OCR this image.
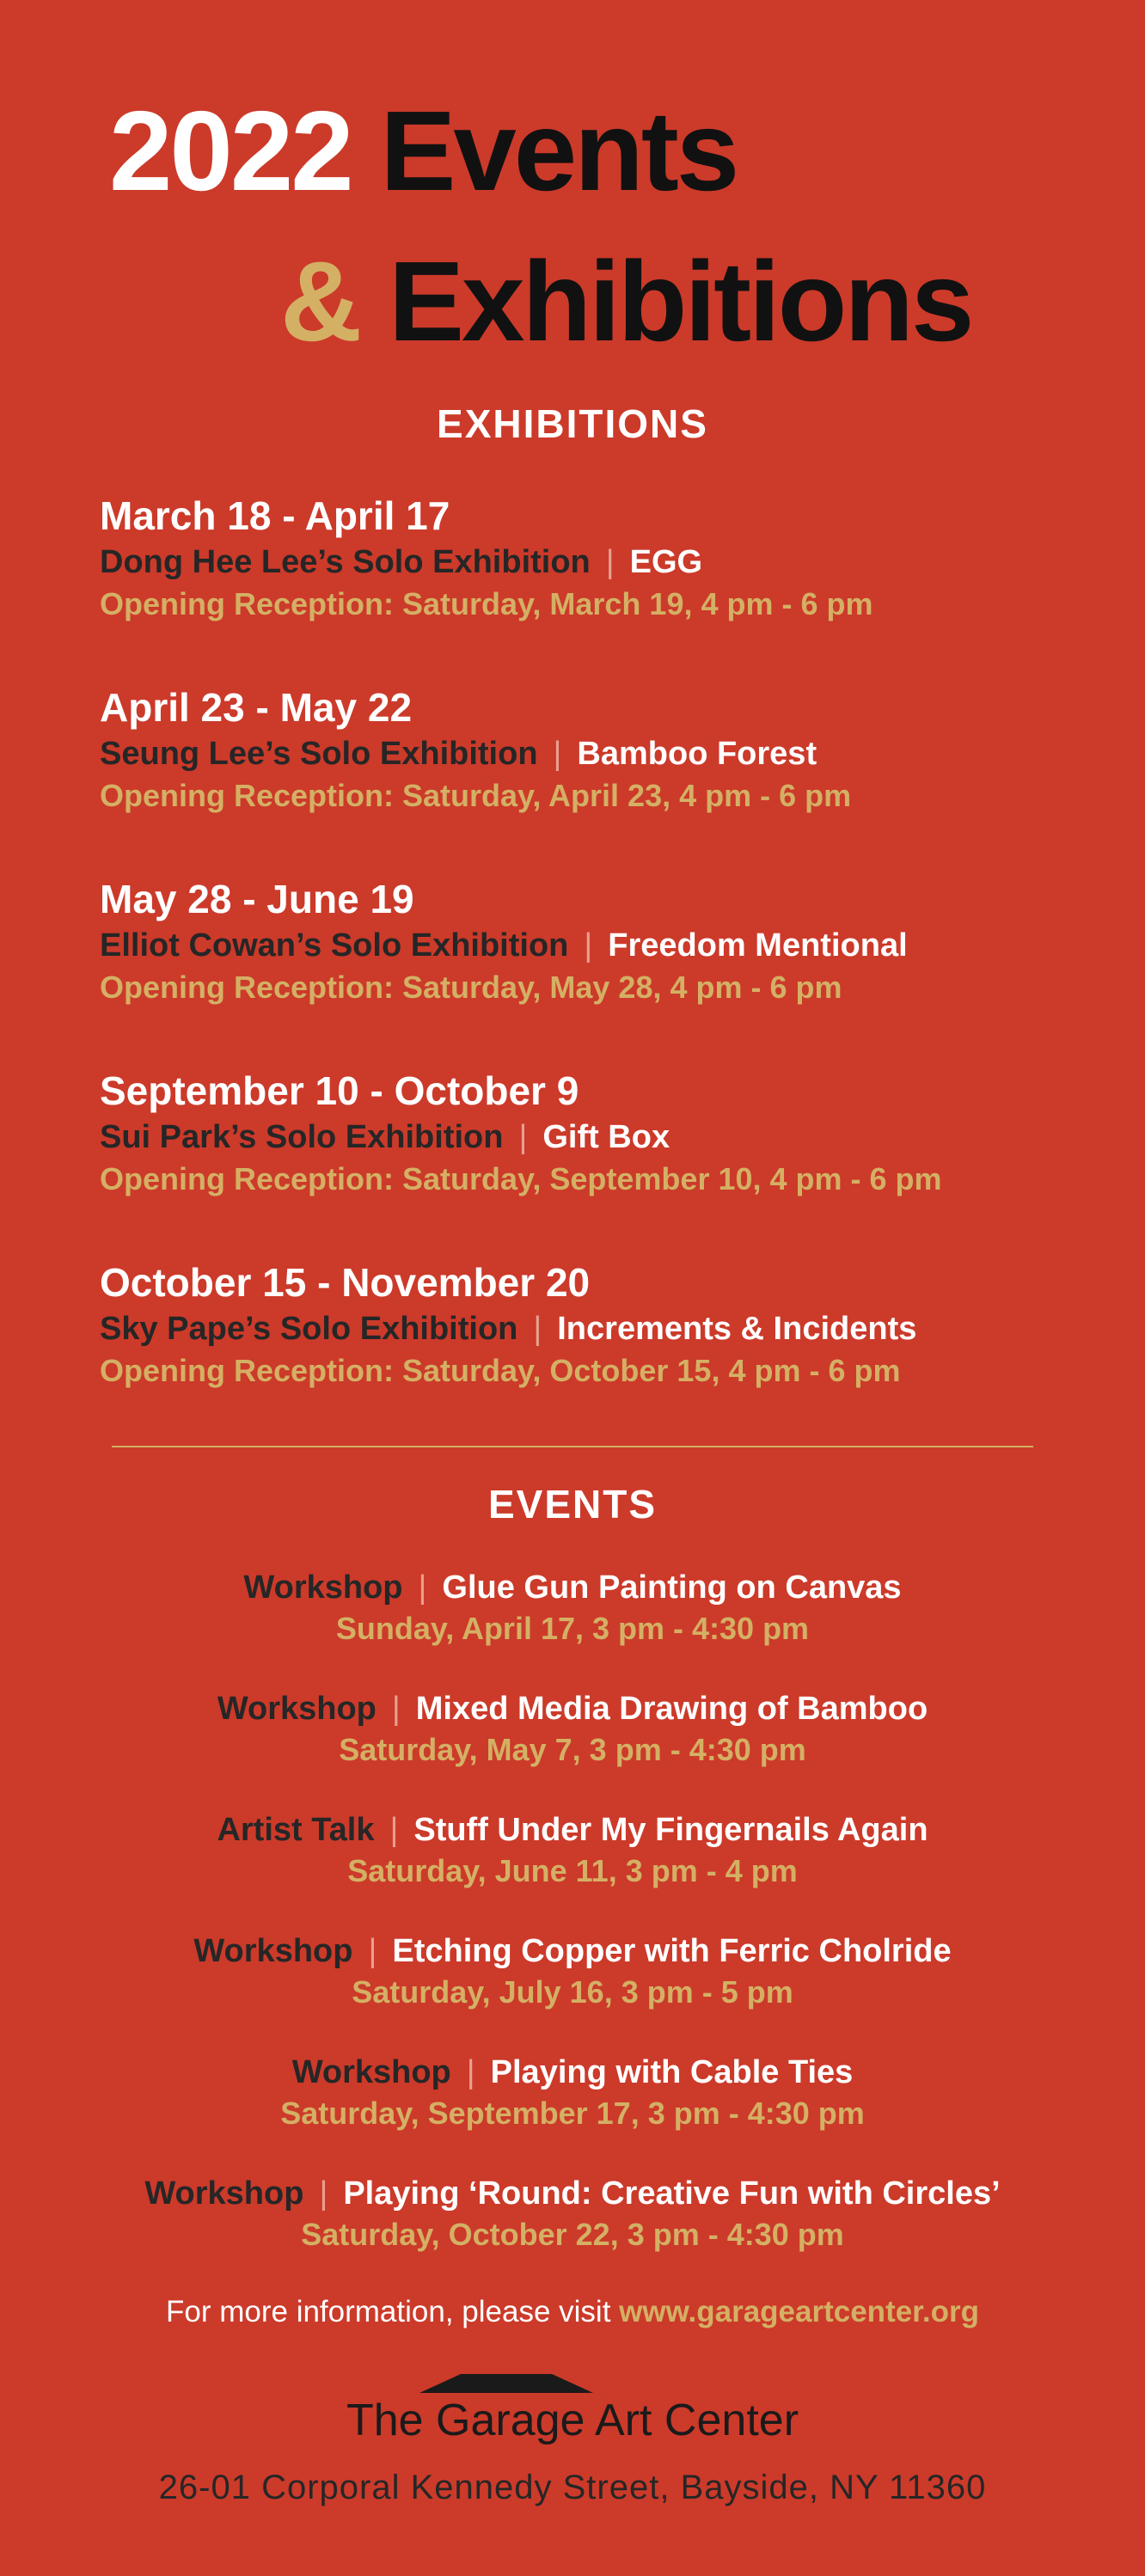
2022 Events
& Exhibitions
EXHIBITIONS
March 18 - April 17
Dong Hee Lee’s Solo Exhibition | EGG
Opening Reception: Saturday, March 19, 4 pm - 6 pm
April 23 - May 22
Seung Lee’s Solo Exhibition | Bamboo Forest
Opening Reception: Saturday, April 23, 4 pm - 6 pm
May 28 - June 19
Elliot Cowan’s Solo Exhibition | Freedom Mentional
Opening Reception: Saturday, May 28, 4 pm - 6 pm
September 10 - October 9
Sui Park’s Solo Exhibition | Gift Box
Opening Reception: Saturday, September 10, 4 pm - 6 pm
October 15 - November 20
Sky Pape’s Solo Exhibition | Increments & Incidents
Opening Reception: Saturday, October 15, 4 pm - 6 pm
EVENTS
Workshop | Glue Gun Painting on Canvas
Sunday, April 17, 3 pm - 4:30 pm
Workshop | Mixed Media Drawing of Bamboo
Saturday, May 7, 3 pm - 4:30 pm
Artist Talk | Stuff Under My Fingernails Again
Saturday, June 11, 3 pm - 4 pm
Workshop | Etching Copper with Ferric Cholride
Saturday, July 16, 3 pm - 5 pm
Workshop | Playing with Cable Ties
Saturday, September 17, 3 pm - 4:30 pm
Workshop | Playing ‘Round: Creative Fun with Circles’
Saturday, October 22, 3 pm - 4:30 pm
For more information, please visit www.garageartcenter.org
The Garage Art Center
26-01 Corporal Kennedy Street, Bayside, NY 11360
